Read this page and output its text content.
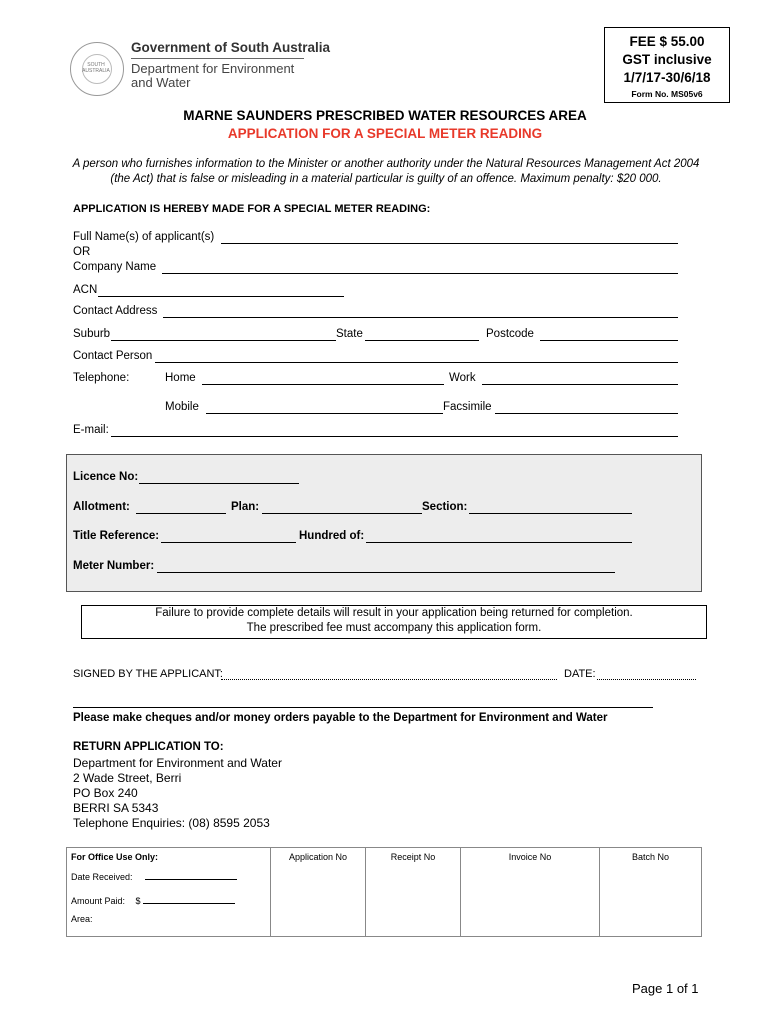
SOUTH AUSTRALIA
Government of South Australia
Department for Environment
and Water
FEE $ 55.00
GST inclusive
1/7/17-30/6/18
Form No. MS05v6
MARNE SAUNDERS PRESCRIBED WATER RESOURCES AREA
APPLICATION FOR A SPECIAL METER READING
A person who furnishes information to the Minister or another authority under the Natural Resources Management Act 2004 (the Act) that is false or misleading in a material particular is guilty of an offence. Maximum penalty: $20 000.
APPLICATION IS HEREBY MADE FOR A SPECIAL METER READING:
Full Name(s) of applicant(s)
OR
Company Name
ACN
Contact Address
Suburb	State	Postcode
Contact Person
Telephone:	Home	Work
Mobile	Facsimile
E-mail:
Licence No:
Allotment:	Plan:	Section:
Title Reference:	Hundred of:
Meter Number:
Failure to provide complete details will result in your application being returned for completion.
The prescribed fee must accompany this application form.
SIGNED BY THE APPLICANT:	DATE:
Please make cheques and/or money orders payable to the Department for Environment and Water
RETURN APPLICATION TO:
Department for Environment and Water
2 Wade Street, Berri
PO Box 240
BERRI SA 5343
Telephone Enquiries: (08) 8595 2053
For Office Use Only:
Date Received:
Amount Paid: $
Area:
	Application No	Receipt No	Invoice No	Batch No
Page 1 of 1
